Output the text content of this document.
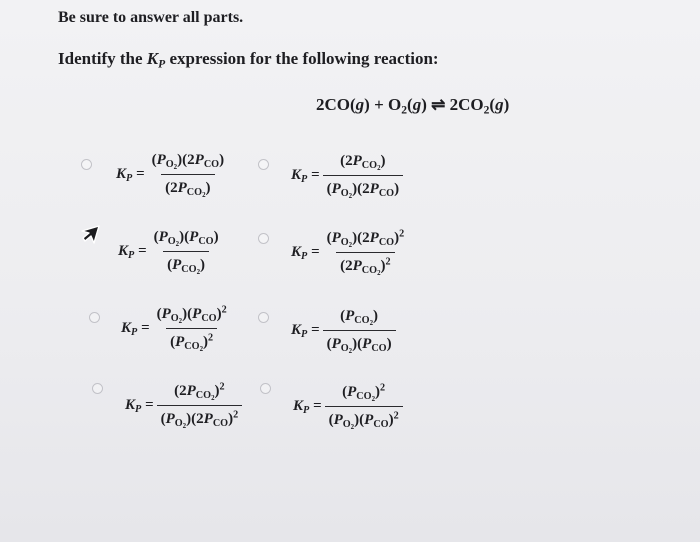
Be sure to answer all parts.
Identify the $K_P$ expression for the following reaction:
$2CO(g) + O_2(g)$ ⇌ $2CO_2(g)$
$K_P = \frac{(P_{O_2})(2P_{CO})}{(2P_{CO_2})}$	$K_P = \frac{(2P_{CO_2})}{(P_{O_2})(2P_{CO})}$
$K_P = \frac{(P_{O_2})(P_{CO})}{(P_{CO_2})}$	$K_P = \frac{(P_{O_2})(2P_{CO})^2}{(2P_{CO_2})^2}$
$K_P = \frac{(P_{O_2})(P_{CO})^2}{(P_{CO_2})^2}$	$K_P = \frac{(P_{CO_2})}{(P_{O_2})(P_{CO})}$
$K_P = \frac{(2P_{CO_2})^2}{(P_{O_2})(2P_{CO})^2}$	$K_P = \frac{(P_{CO_2})^2}{(P_{O_2})(P_{CO})^2}$
